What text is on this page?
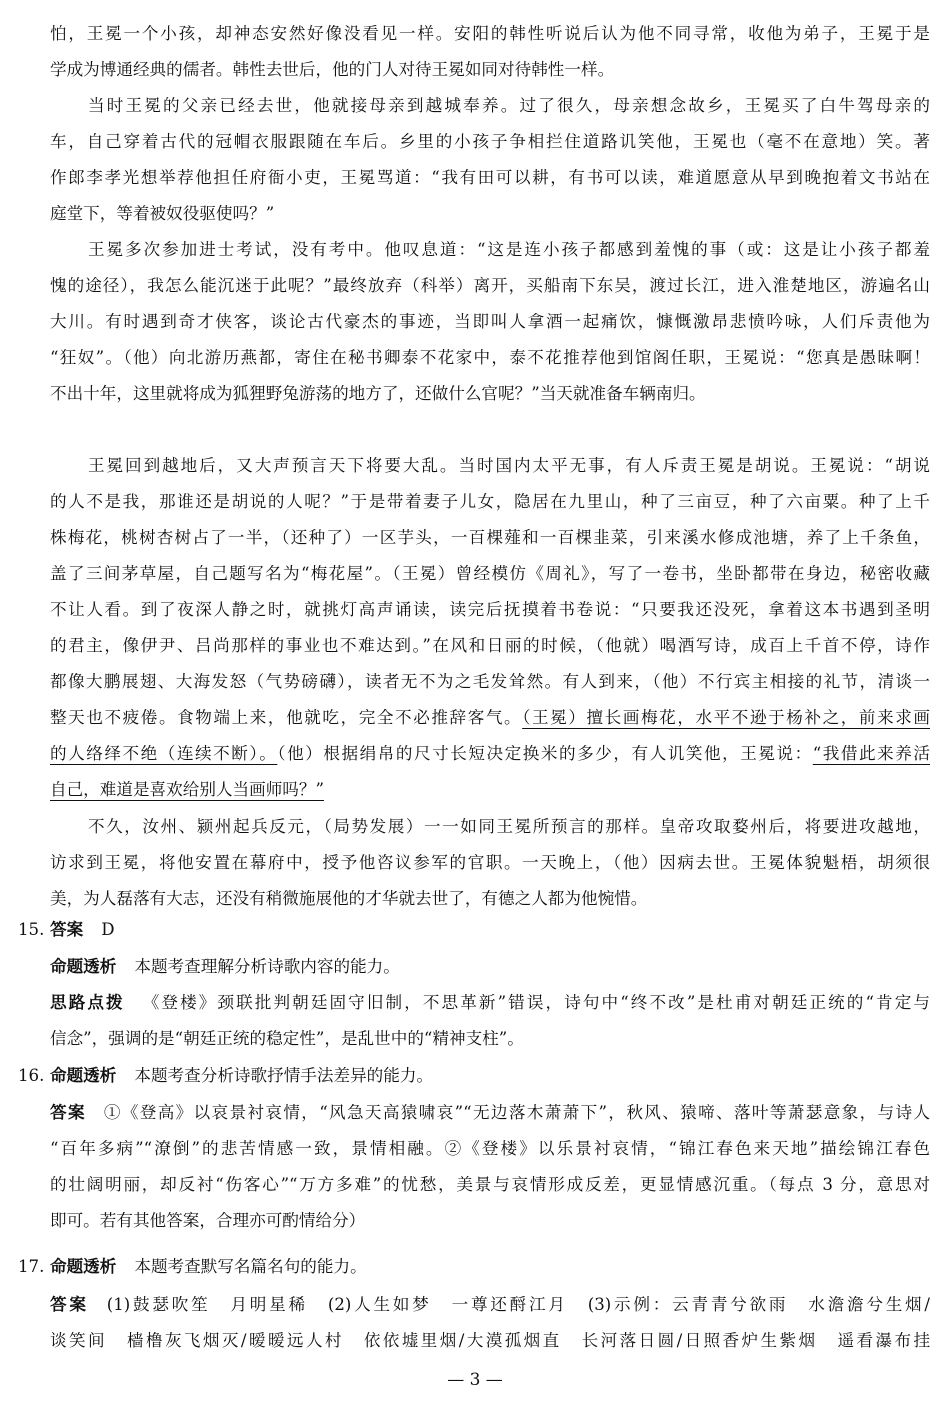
怕，王冕一个小孩，却神态安然好像没看见一样。安阳的韩性听说后认为他不同寻常，收他为弟子，王冕于是
学成为博通经典的儒者。韩性去世后，他的门人对待王冕如同对待韩性一样。
当时王冕的父亲已经去世，他就接母亲到越城奉养。过了很久，母亲想念故乡，王冕买了白牛驾母亲的
车，自己穿着古代的冠帽衣服跟随在车后。乡里的小孩子争相拦住道路讥笑他，王冕也（毫不在意地）笑。著
作郎李孝光想举荐他担任府衙小吏，王冕骂道：“我有田可以耕，有书可以读，难道愿意从早到晚抱着文书站在
庭堂下，等着被奴役驱使吗？”
王冕多次参加进士考试，没有考中。他叹息道：“这是连小孩子都感到羞愧的事（或：这是让小孩子都羞
愧的途径），我怎么能沉迷于此呢？”最终放弃（科举）离开，买船南下东吴，渡过长江，进入淮楚地区，游遍名山
大川。有时遇到奇才侠客，谈论古代豪杰的事迹，当即叫人拿酒一起痛饮，慷慨激昂悲愤吟咏，人们斥责他为
“狂奴”。（他）向北游历燕都，寄住在秘书卿泰不花家中，泰不花推荐他到馆阁任职，王冕说：“您真是愚昧啊！
不出十年，这里就将成为狐狸野兔游荡的地方了，还做什么官呢？”当天就准备车辆南归。
王冕回到越地后，又大声预言天下将要大乱。当时国内太平无事，有人斥责王冕是胡说。王冕说：“胡说
的人不是我，那谁还是胡说的人呢？”于是带着妻子儿女，隐居在九里山，种了三亩豆，种了六亩粟。种了上千
株梅花，桃树杏树占了一半，（还种了）一区芋头，一百棵薤和一百棵韭菜，引来溪水修成池塘，养了上千条鱼，
盖了三间茅草屋，自己题写名为“梅花屋”。（王冕）曾经模仿《周礼》，写了一卷书，坐卧都带在身边，秘密收藏
不让人看。到了夜深人静之时，就挑灯高声诵读，读完后抚摸着书卷说：“只要我还没死，拿着这本书遇到圣明
的君主，像伊尹、吕尚那样的事业也不难达到。”在风和日丽的时候，（他就）喝酒写诗，成百上千首不停，诗作
都像大鹏展翅、大海发怒（气势磅礴），读者无不为之毛发耸然。有人到来，（他）不行宾主相接的礼节，清谈一
整天也不疲倦。食物端上来，他就吃，完全不必推辞客气。（王冕）擅长画梅花，水平不逊于杨补之，前来求画
的人络绎不绝（连续不断）。（他）根据绢帛的尺寸长短决定换米的多少，有人讥笑他，王冕说：“我借此来养活
自己，难道是喜欢给别人当画师吗？”
不久，汝州、颍州起兵反元，（局势发展）一一如同王冕所预言的那样。皇帝攻取婺州后，将要进攻越地，
访求到王冕，将他安置在幕府中，授予他咨议参军的官职。一天晚上，（他）因病去世。王冕体貌魁梧，胡须很
美，为人磊落有大志，还没有稍微施展他的才华就去世了，有德之人都为他惋惜。
15. 答案 D
命题透析 本题考查理解分析诗歌内容的能力。
思路点拨 《登楼》颈联批判朝廷固守旧制，不思革新”错误，诗句中“终不改”是杜甫对朝廷正统的“肯定与
信念”，强调的是“朝廷正统的稳定性”，是乱世中的“精神支柱”。
16. 命题透析 本题考查分析诗歌抒情手法差异的能力。
答案 ①《登高》以哀景衬哀情，“风急天高猿啸哀”“无边落木萧萧下”，秋风、猿啼、落叶等萧瑟意象，与诗人
“百年多病”“潦倒”的悲苦情感一致，景情相融。②《登楼》以乐景衬哀情，“锦江春色来天地”描绘锦江春色
的壮阔明丽，却反衬“伤客心”“万方多难”的忧愁，美景与哀情形成反差，更显情感沉重。（每点 3 分，意思对
即可。若有其他答案，合理亦可酌情给分）
17. 命题透析 本题考查默写名篇名句的能力。
答案 (1)鼓瑟吹笙 月明星稀 (2)人生如梦 一尊还酹江月 (3)示例：云青青兮欲雨 水澹澹兮生烟/
谈笑间 樯橹灰飞烟灭/暧暧远人村 依依墟里烟/大漠孤烟直 长河落日圆/日照香炉生紫烟 遥看瀑布挂
— 3 —
